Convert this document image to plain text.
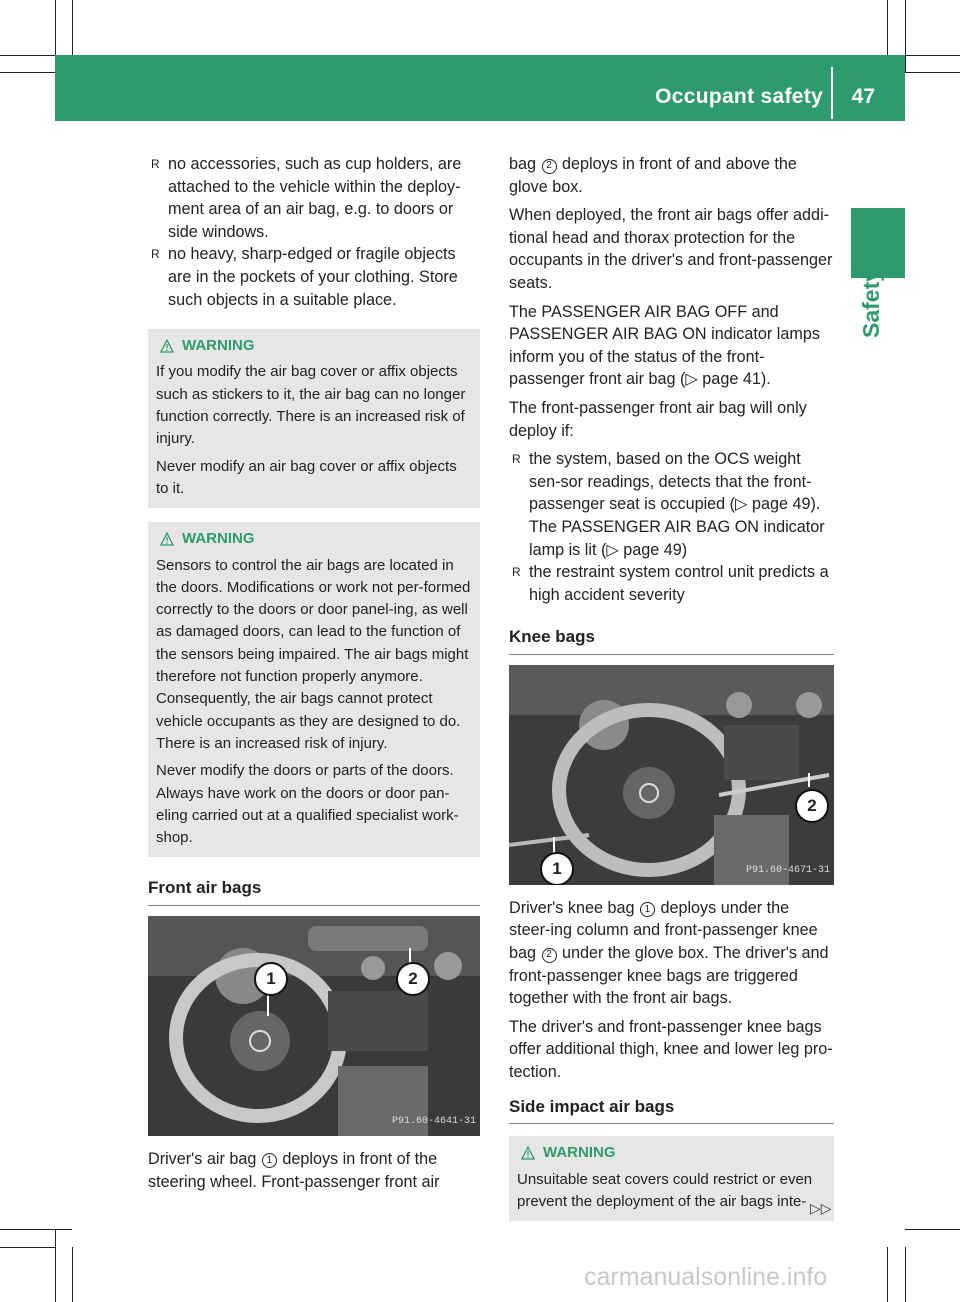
Occupant safety 47
Safety
R no accessories, such as cup holders, are attached to the vehicle within the deploy-ment area of an air bag, e.g. to doors or side windows.
R no heavy, sharp-edged or fragile objects are in the pockets of your clothing. Store such objects in a suitable place.
WARNING

If you modify the air bag cover or affix objects such as stickers to it, the air bag can no longer function correctly. There is an increased risk of injury.

Never modify an air bag cover or affix objects to it.

WARNING

Sensors to control the air bags are located in the doors. Modifications or work not per-formed correctly to the doors or door panel-ing, as well as damaged doors, can lead to the function of the sensors being impaired. The air bags might therefore not function properly anymore. Consequently, the air bags cannot protect vehicle occupants as they are designed to do. There is an increased risk of injury.

Never modify the doors or parts of the doors. Always have work on the doors or door pan-eling carried out at a qualified specialist work-shop.

Front air bags
1	2
P91.60-4641-31

Driver's air bag 1 deploys in front of the steering wheel. Front-passenger front air

bag 2 deploys in front of and above the glove box.

When deployed, the front air bags offer addi-tional head and thorax protection for the occupants in the driver's and front-passenger seats.

The PASSENGER AIR BAG OFF and PASSENGER AIR BAG ON indicator lamps inform you of the status of the front-passenger front air bag (▷ page 41).

The front-passenger front air bag will only deploy if:

R the system, based on the OCS weight sen-sor readings, detects that the front-passenger seat is occupied (▷ page 49). The PASSENGER AIR BAG ON indicator lamp is lit (▷ page 49)
R the restraint system control unit predicts a high accident severity
Knee bags
1
2
P91.60-4671-31

Driver's knee bag 1 deploys under the steer-ing column and front-passenger knee bag 2 under the glove box. The driver's and front-passenger knee bags are triggered together with the front air bags.

The driver's and front-passenger knee bags offer additional thigh, knee and lower leg pro-tection.

Side impact air bags
WARNING

Unsuitable seat covers could restrict or even prevent the deployment of the air bags inte- ▷▷
carmanualsonline.info
